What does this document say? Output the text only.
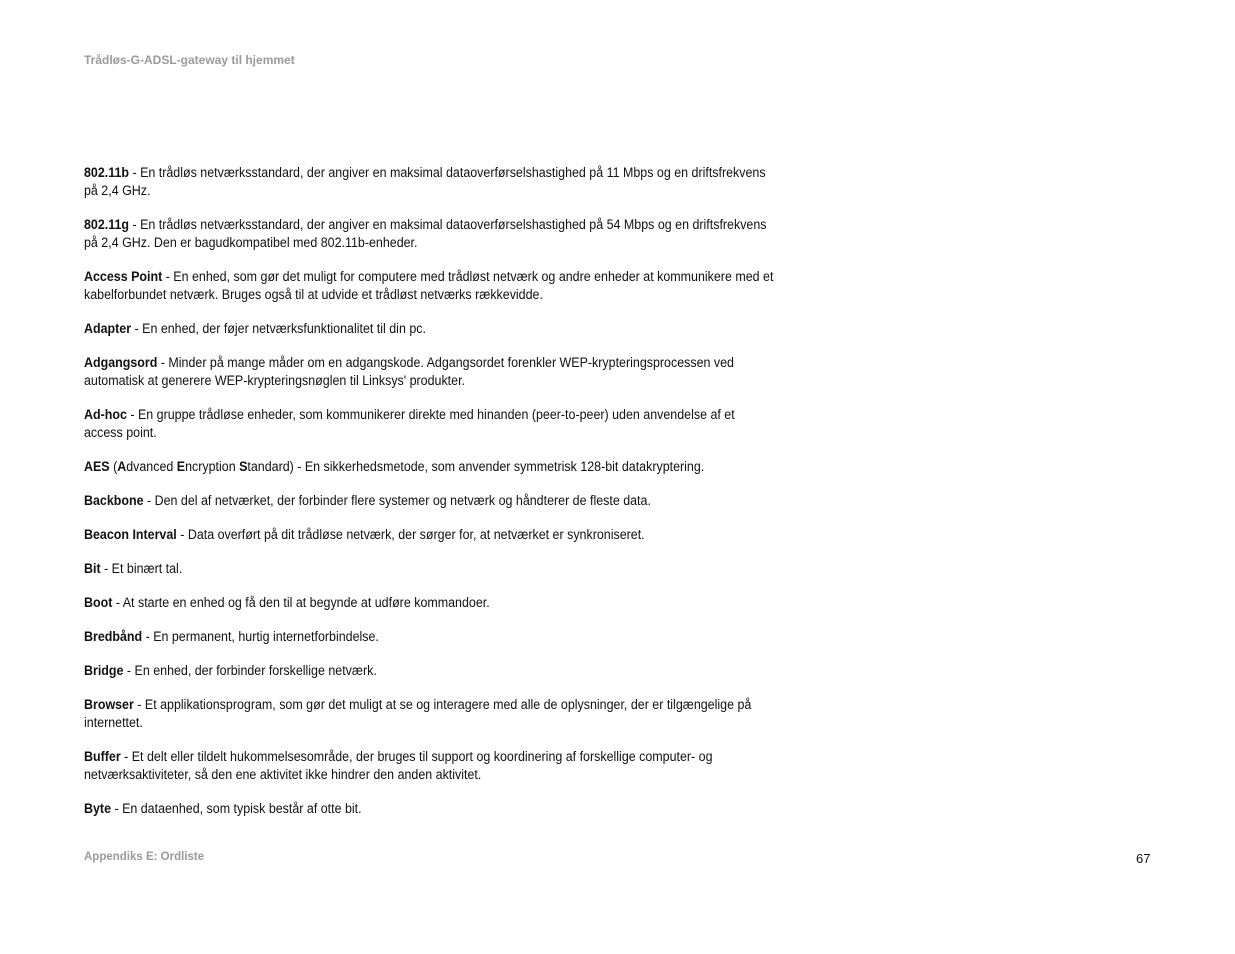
Trådløs-G-ADSL-gateway til hjemmet

802.11b - En trådløs netværksstandard, der angiver en maksimal dataoverførselshastighed på 11 Mbps og en driftsfrekvens på 2,4 GHz.

802.11g - En trådløs netværksstandard, der angiver en maksimal dataoverførselshastighed på 54 Mbps og en driftsfrekvens på 2,4 GHz. Den er bagudkompatibel med 802.11b-enheder.

Access Point - En enhed, som gør det muligt for computere med trådløst netværk og andre enheder at kommunikere med et kabelforbundet netværk. Bruges også til at udvide et trådløst netværks rækkevidde.

Adapter - En enhed, der føjer netværksfunktionalitet til din pc.

Adgangsord - Minder på mange måder om en adgangskode. Adgangsordet forenkler WEP-krypteringsprocessen ved automatisk at generere WEP-krypteringsnøglen til Linksys' produkter.

Ad-hoc - En gruppe trådløse enheder, som kommunikerer direkte med hinanden (peer-to-peer) uden anvendelse af et access point.

AES (Advanced Encryption Standard) - En sikkerhedsmetode, som anvender symmetrisk 128-bit datakryptering.

Backbone - Den del af netværket, der forbinder flere systemer og netværk og håndterer de fleste data.

Beacon Interval - Data overført på dit trådløse netværk, der sørger for, at netværket er synkroniseret.

Bit - Et binært tal.

Boot - At starte en enhed og få den til at begynde at udføre kommandoer.

Bredbånd - En permanent, hurtig internetforbindelse.

Bridge - En enhed, der forbinder forskellige netværk.

Browser - Et applikationsprogram, som gør det muligt at se og interagere med alle de oplysninger, der er tilgængelige på internettet.

Buffer - Et delt eller tildelt hukommelsesområde, der bruges til support og koordinering af forskellige computer- og netværksaktiviteter, så den ene aktivitet ikke hindrer den anden aktivitet.

Byte - En dataenhed, som typisk består af otte bit.

Appendiks E: Ordliste	67
